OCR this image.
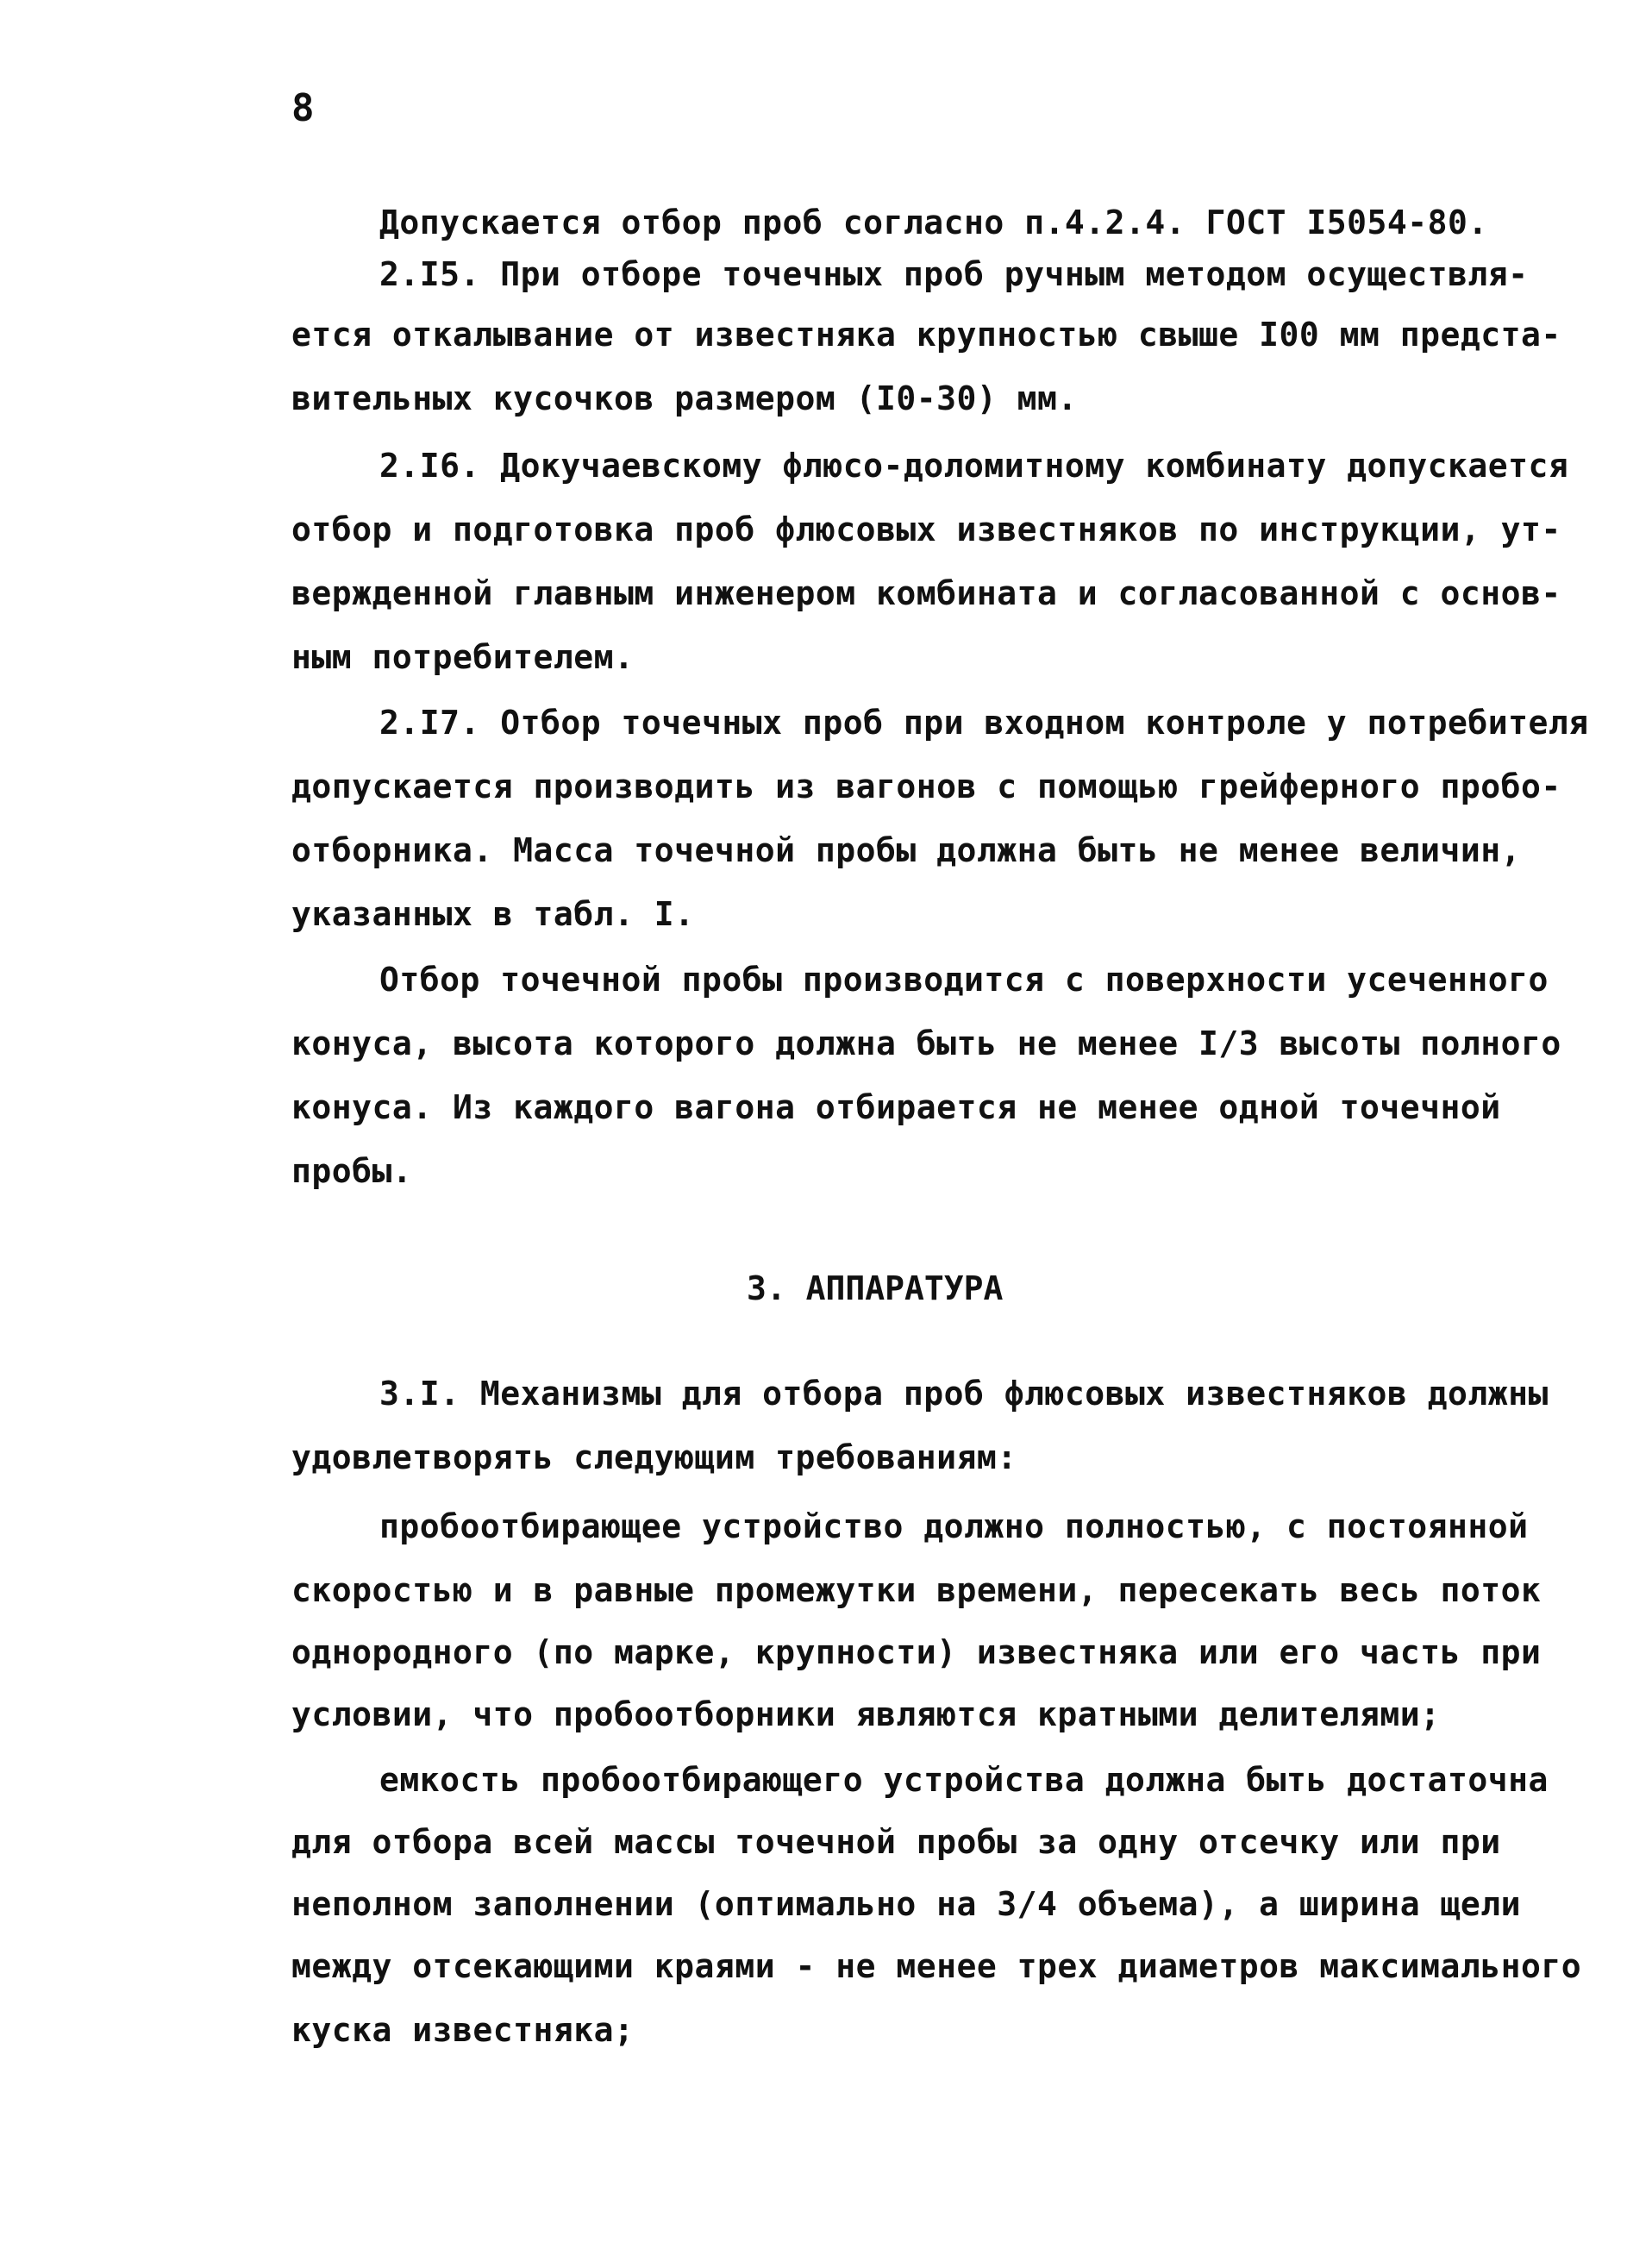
8
Допускается отбор проб согласно п.4.2.4. ГОСТ I5054-80.
2.I5. При отборе точечных проб ручным методом осуществля-
ется откалывание от известняка крупностью свыше I00 мм предста-
вительных кусочков размером (I0-30) мм.
2.I6. Докучаевскому флюсо-доломитному комбинату допускается
отбор и подготовка проб флюсовых известняков по инструкции, ут-
вержденной главным инженером комбината и согласованной с основ-
ным потребителем.
2.I7. Отбор точечных проб при входном контроле у потребителя
допускается производить из вагонов с помощью грейферного пробо-
отборника. Масса точечной пробы должна быть не менее величин,
указанных в табл. I.
Отбор точечной пробы производится с поверхности усеченного
конуса, высота которого должна быть не менее I/3 высоты полного
конуса. Из каждого вагона отбирается не менее одной точечной
пробы.
3. АППАРАТУРА
3.I. Механизмы для отбора проб флюсовых известняков должны
удовлетворять следующим требованиям:
пробоотбирающее устройство должно полностью, с постоянной
скоростью и в равные промежутки времени, пересекать весь поток
однородного (по марке, крупности) известняка или его часть при
условии, что пробоотборники являются кратными делителями;
емкость пробоотбирающего устройства должна быть достаточна
для отбора всей массы точечной пробы за одну отсечку или при
неполном заполнении (оптимально на 3/4 объема), а ширина щели
между отсекающими краями - не менее трех диаметров максимального
куска известняка;
